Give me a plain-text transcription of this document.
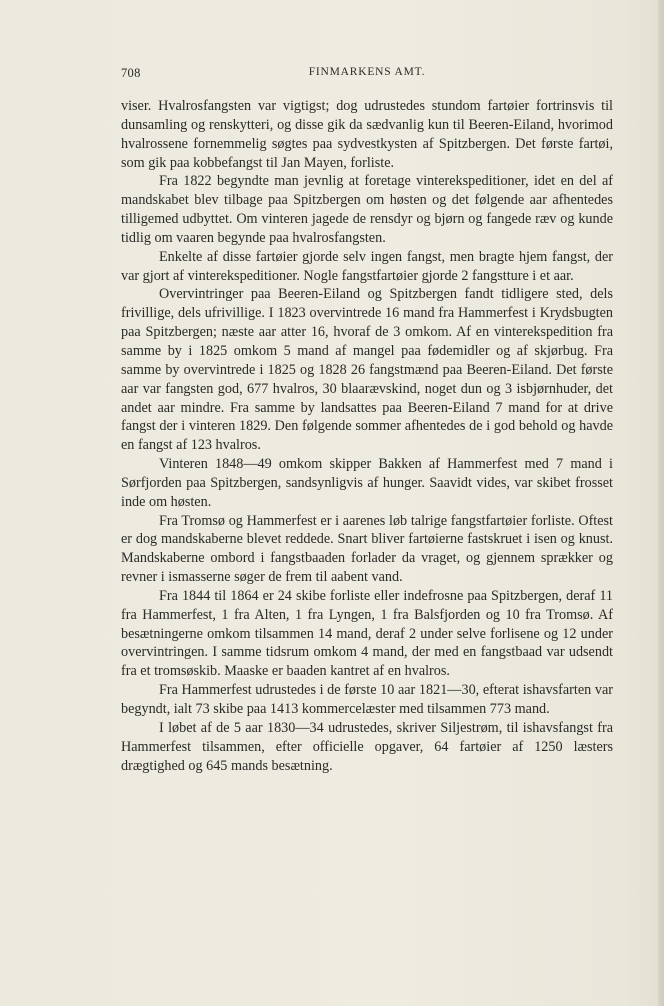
708	FINMARKENS AMT.

viser. Hvalrosfangsten var vigtigst; dog udrustedes stundom fartøier fortrinsvis til dunsamling og renskytteri, og disse gik da sædvanlig kun til Beeren-Eiland, hvorimod hvalrossene fornemmelig søgtes paa sydvestkysten af Spitzbergen. Det første fartøi, som gik paa kobbefangst til Jan Mayen, forliste.

Fra 1822 begyndte man jevnlig at foretage vinterekspeditioner, idet en del af mandskabet blev tilbage paa Spitzbergen om høsten og det følgende aar afhentedes tilligemed udbyttet. Om vinteren jagede de rensdyr og bjørn og fangede ræv og kunde tidlig om vaaren begynde paa hvalrosfangsten.

Enkelte af disse fartøier gjorde selv ingen fangst, men bragte hjem fangst, der var gjort af vinterekspeditioner. Nogle fangstfartøier gjorde 2 fangstture i et aar.

Overvintringer paa Beeren-Eiland og Spitzbergen fandt tidligere sted, dels frivillige, dels ufrivillige. I 1823 overvintrede 16 mand fra Hammerfest i Krydsbugten paa Spitzbergen; næste aar atter 16, hvoraf de 3 omkom. Af en vinterekspedition fra samme by i 1825 omkom 5 mand af mangel paa fødemidler og af skjørbug. Fra samme by overvintrede i 1825 og 1828 26 fangstmænd paa Beeren-Eiland. Det første aar var fangsten god, 677 hvalros, 30 blaarævskind, noget dun og 3 isbjørnhuder, det andet aar mindre. Fra samme by landsattes paa Beeren-Eiland 7 mand for at drive fangst der i vinteren 1829. Den følgende sommer afhentedes de i god behold og havde en fangst af 123 hvalros.

Vinteren 1848—49 omkom skipper Bakken af Hammerfest med 7 mand i Sørfjorden paa Spitzbergen, sandsynligvis af hunger. Saavidt vides, var skibet frosset inde om høsten.

Fra Tromsø og Hammerfest er i aarenes løb talrige fangstfartøier forliste. Oftest er dog mandskaberne blevet reddede. Snart bliver fartøierne fastskruet i isen og knust. Mandskaberne ombord i fangstbaaden forlader da vraget, og gjennem sprækker og revner i ismasserne søger de frem til aabent vand.

Fra 1844 til 1864 er 24 skibe forliste eller indefrosne paa Spitzbergen, deraf 11 fra Hammerfest, 1 fra Alten, 1 fra Lyngen, 1 fra Balsfjorden og 10 fra Tromsø. Af besætningerne omkom tilsammen 14 mand, deraf 2 under selve forlisene og 12 under overvintringen. I samme tidsrum omkom 4 mand, der med en fangstbaad var udsendt fra et tromsøskib. Maaske er baaden kantret af en hvalros.

Fra Hammerfest udrustedes i de første 10 aar 1821—30, efterat ishavsfarten var begyndt, ialt 73 skibe paa 1413 kommercelæster med tilsammen 773 mand.

I løbet af de 5 aar 1830—34 udrustedes, skriver Siljestrøm, til ishavsfangst fra Hammerfest tilsammen, efter officielle opgaver, 64 fartøier af 1250 læsters drægtighed og 645 mands besætning.
